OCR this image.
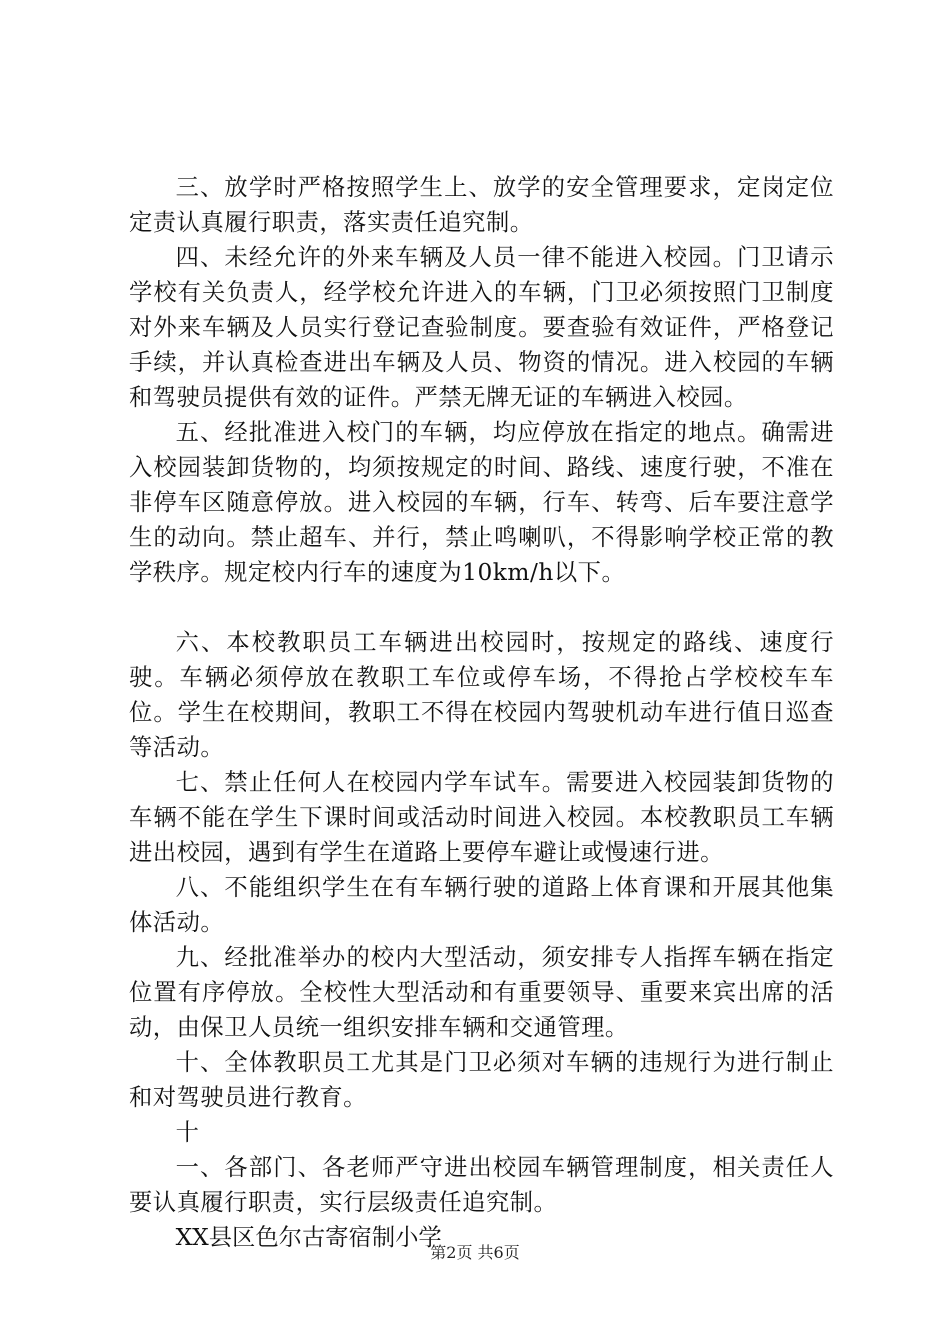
三、放学时严格按照学生上、放学的安全管理要求，定岗定位定责认真履行职责，落实责任追究制。

四、未经允许的外来车辆及人员一律不能进入校园。门卫请示学校有关负责人，经学校允许进入的车辆，门卫必须按照门卫制度对外来车辆及人员实行登记查验制度。要查验有效证件，严格登记手续，并认真检查进出车辆及人员、物资的情况。进入校园的车辆和驾驶员提供有效的证件。严禁无牌无证的车辆进入校园。

五、经批准进入校门的车辆，均应停放在指定的地点。确需进入校园装卸货物的，均须按规定的时间、路线、速度行驶，不准在非停车区随意停放。进入校园的车辆，行车、转弯、后车要注意学生的动向。禁止超车、并行，禁止鸣喇叭，不得影响学校正常的教学秩序。规定校内行车的速度为10km/h以下。

六、本校教职员工车辆进出校园时，按规定的路线、速度行驶。车辆必须停放在教职工车位或停车场，不得抢占学校校车车位。学生在校期间，教职工不得在校园内驾驶机动车进行值日巡查等活动。

七、禁止任何人在校园内学车试车。需要进入校园装卸货物的车辆不能在学生下课时间或活动时间进入校园。本校教职员工车辆进出校园，遇到有学生在道路上要停车避让或慢速行进。

八、不能组织学生在有车辆行驶的道路上体育课和开展其他集体活动。

九、经批准举办的校内大型活动，须安排专人指挥车辆在指定位置有序停放。全校性大型活动和有重要领导、重要来宾出席的活动，由保卫人员统一组织安排车辆和交通管理。

十、全体教职员工尤其是门卫必须对车辆的违规行为进行制止和对驾驶员进行教育。

十

一、各部门、各老师严守进出校园车辆管理制度，相关责任人要认真履行职责，实行层级责任追究制。

XX县区色尔古寄宿制小学

第2页 共6页
